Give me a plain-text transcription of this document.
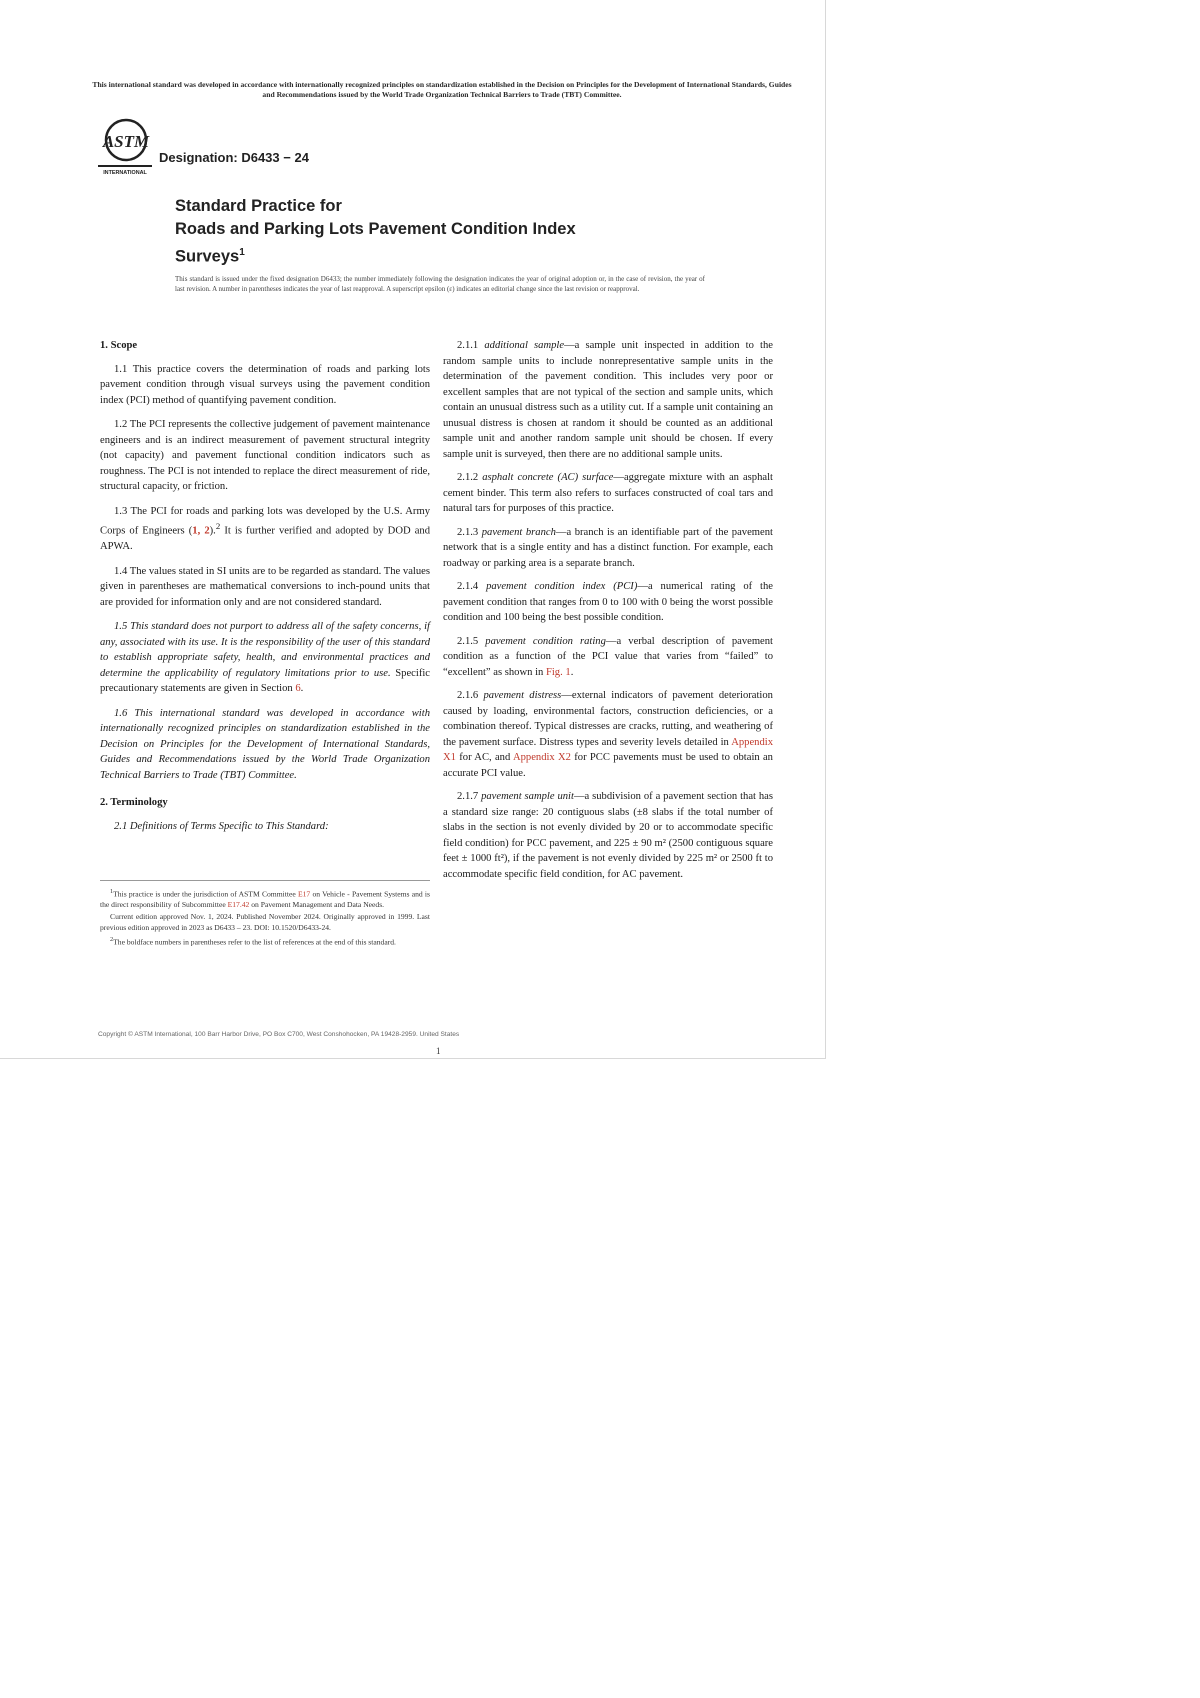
This international standard was developed in accordance with internationally recognized principles on standardization established in the Decision on Principles for the Development of International Standards, Guides and Recommendations issued by the World Trade Organization Technical Barriers to Trade (TBT) Committee.
ASTM
INTERNATIONAL
Designation: D6433 − 24
Standard Practice for
Roads and Parking Lots Pavement Condition Index
Surveys$^1$
This standard is issued under the fixed designation D6433; the number immediately following the designation indicates the year of original adoption or, in the case of revision, the year of last revision. A number in parentheses indicates the year of last reapproval. A superscript epsilon (ε) indicates an editorial change since the last revision or reapproval.
1. Scope

1.1 This practice covers the determination of roads and parking lots pavement condition through visual surveys using the pavement condition index (PCI) method of quantifying pavement condition.

1.2 The PCI represents the collective judgement of pavement maintenance engineers and is an indirect measurement of pavement structural integrity (not capacity) and pavement functional condition indicators such as roughness. The PCI is not intended to replace the direct measurement of ride, structural capacity, or friction.

1.3 The PCI for roads and parking lots was developed by the U.S. Army Corps of Engineers (1, 2).$^2$ It is further verified and adopted by DOD and APWA.

1.4 The values stated in SI units are to be regarded as standard. The values given in parentheses are mathematical conversions to inch-pound units that are provided for information only and are not considered standard.

1.5 This standard does not purport to address all of the safety concerns, if any, associated with its use. It is the responsibility of the user of this standard to establish appropriate safety, health, and environmental practices and determine the applicability of regulatory limitations prior to use. Specific precautionary statements are given in Section 6.

1.6 This international standard was developed in accordance with internationally recognized principles on standardization established in the Decision on Principles for the Development of International Standards, Guides and Recommendations issued by the World Trade Organization Technical Barriers to Trade (TBT) Committee.

2. Terminology

2.1 Definitions of Terms Specific to This Standard:

$^1$This practice is under the jurisdiction of ASTM Committee E17 on Vehicle - Pavement Systems and is the direct responsibility of Subcommittee E17.42 on Pavement Management and Data Needs.

Current edition approved Nov. 1, 2024. Published November 2024. Originally approved in 1999. Last previous edition approved in 2023 as D6433 – 23. DOI: 10.1520/D6433-24.

$^2$The boldface numbers in parentheses refer to the list of references at the end of this standard.

2.1.1 additional sample—a sample unit inspected in addition to the random sample units to include nonrepresentative sample units in the determination of the pavement condition. This includes very poor or excellent samples that are not typical of the section and sample units, which contain an unusual distress such as a utility cut. If a sample unit containing an unusual distress is chosen at random it should be counted as an additional sample unit and another random sample unit should be chosen. If every sample unit is surveyed, then there are no additional sample units.

2.1.2 asphalt concrete (AC) surface—aggregate mixture with an asphalt cement binder. This term also refers to surfaces constructed of coal tars and natural tars for purposes of this practice.

2.1.3 pavement branch—a branch is an identifiable part of the pavement network that is a single entity and has a distinct function. For example, each roadway or parking area is a separate branch.

2.1.4 pavement condition index (PCI)—a numerical rating of the pavement condition that ranges from 0 to 100 with 0 being the worst possible condition and 100 being the best possible condition.

2.1.5 pavement condition rating—a verbal description of pavement condition as a function of the PCI value that varies from “failed” to “excellent” as shown in Fig. 1.

2.1.6 pavement distress—external indicators of pavement deterioration caused by loading, environmental factors, construction deficiencies, or a combination thereof. Typical distresses are cracks, rutting, and weathering of the pavement surface. Distress types and severity levels detailed in Appendix X1 for AC, and Appendix X2 for PCC pavements must be used to obtain an accurate PCI value.

2.1.7 pavement sample unit—a subdivision of a pavement section that has a standard size range: 20 contiguous slabs (±8 slabs if the total number of slabs in the section is not evenly divided by 20 or to accommodate specific field condition) for PCC pavement, and 225 ± 90 m² (2500 contiguous square feet ± 1000 ft²), if the pavement is not evenly divided by 225 m² or 2500 ft to accommodate specific field condition, for AC pavement.

Copyright © ASTM International, 100 Barr Harbor Drive, PO Box C700, West Conshohocken, PA 19428-2959. United States
1
